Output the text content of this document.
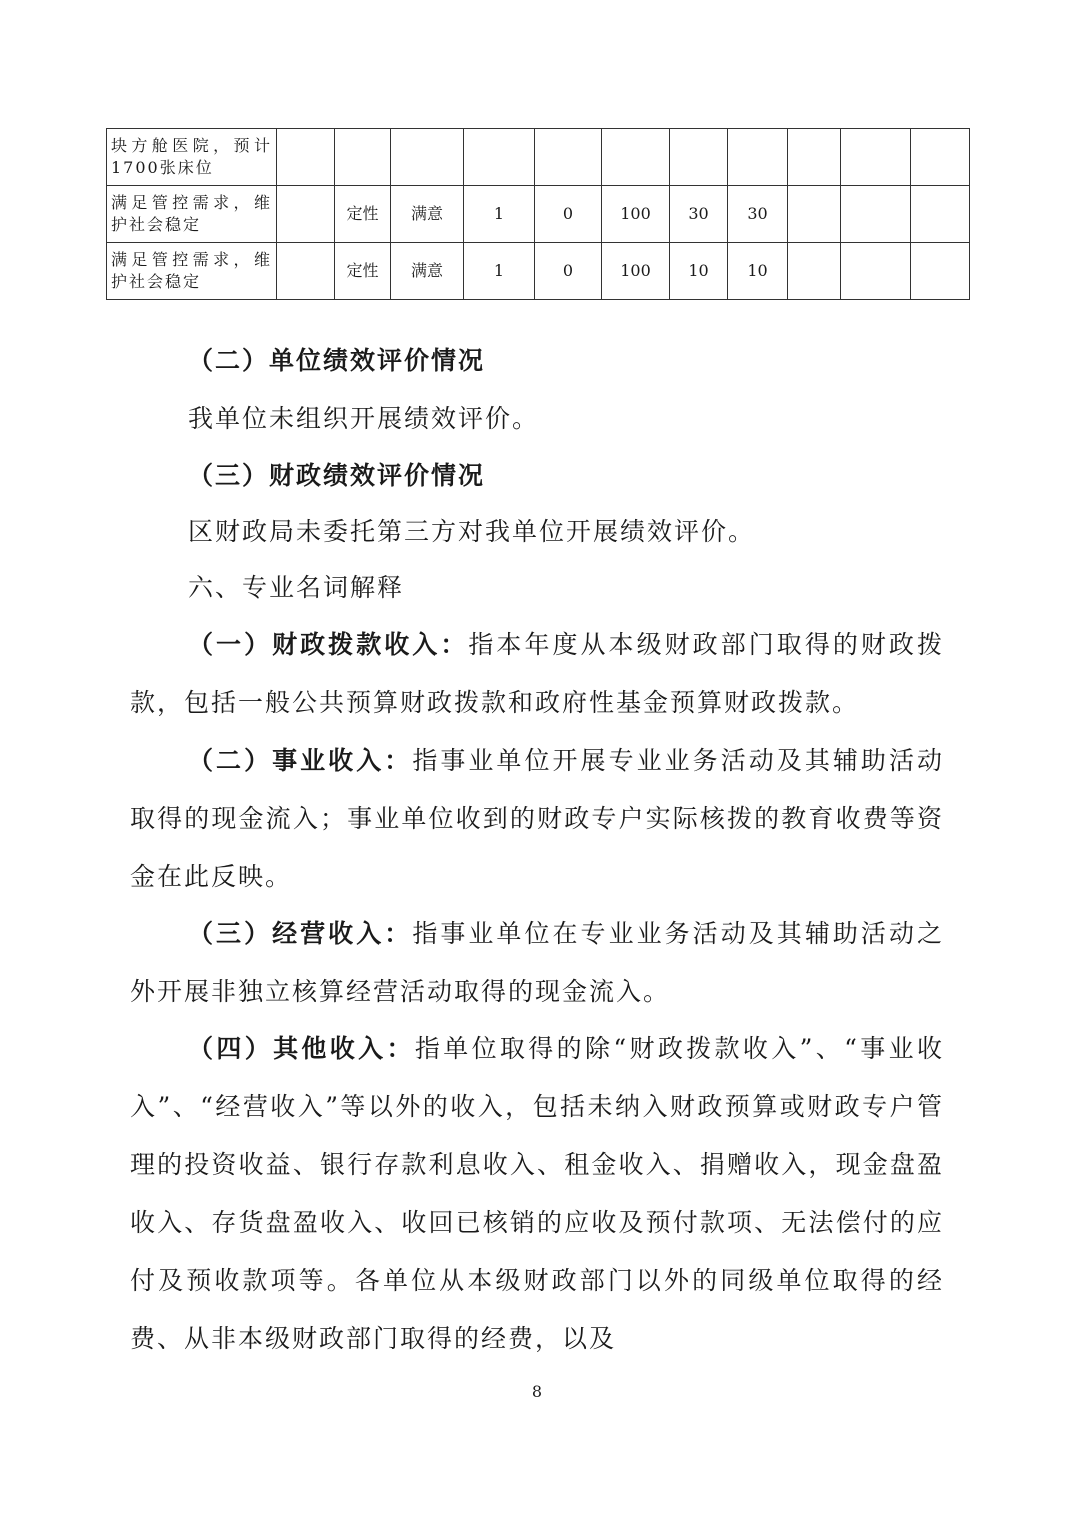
块方舱医院，预计1700张床位											
满足管控需求，维护社会稳定		定性	满意	1	0	100	30	30			
满足管控需求，维护社会稳定		定性	满意	1	0	100	10	10			

（二）单位绩效评价情况

我单位未组织开展绩效评价。

（三）财政绩效评价情况

区财政局未委托第三方对我单位开展绩效评价。

六、专业名词解释

（一）财政拨款收入：指本年度从本级财政部门取得的财政拨款，包括一般公共预算财政拨款和政府性基金预算财政拨款。

（二）事业收入：指事业单位开展专业业务活动及其辅助活动取得的现金流入；事业单位收到的财政专户实际核拨的教育收费等资金在此反映。

（三）经营收入：指事业单位在专业业务活动及其辅助活动之外开展非独立核算经营活动取得的现金流入。

（四）其他收入：指单位取得的除“财政拨款收入”、“事业收入”、“经营收入”等以外的收入，包括未纳入财政预算或财政专户管理的投资收益、银行存款利息收入、租金收入、捐赠收入，现金盘盈收入、存货盘盈收入、收回已核销的应收及预付款项、无法偿付的应付及预收款项等。各单位从本级财政部门以外的同级单位取得的经费、从非本级财政部门取得的经费，以及

8
